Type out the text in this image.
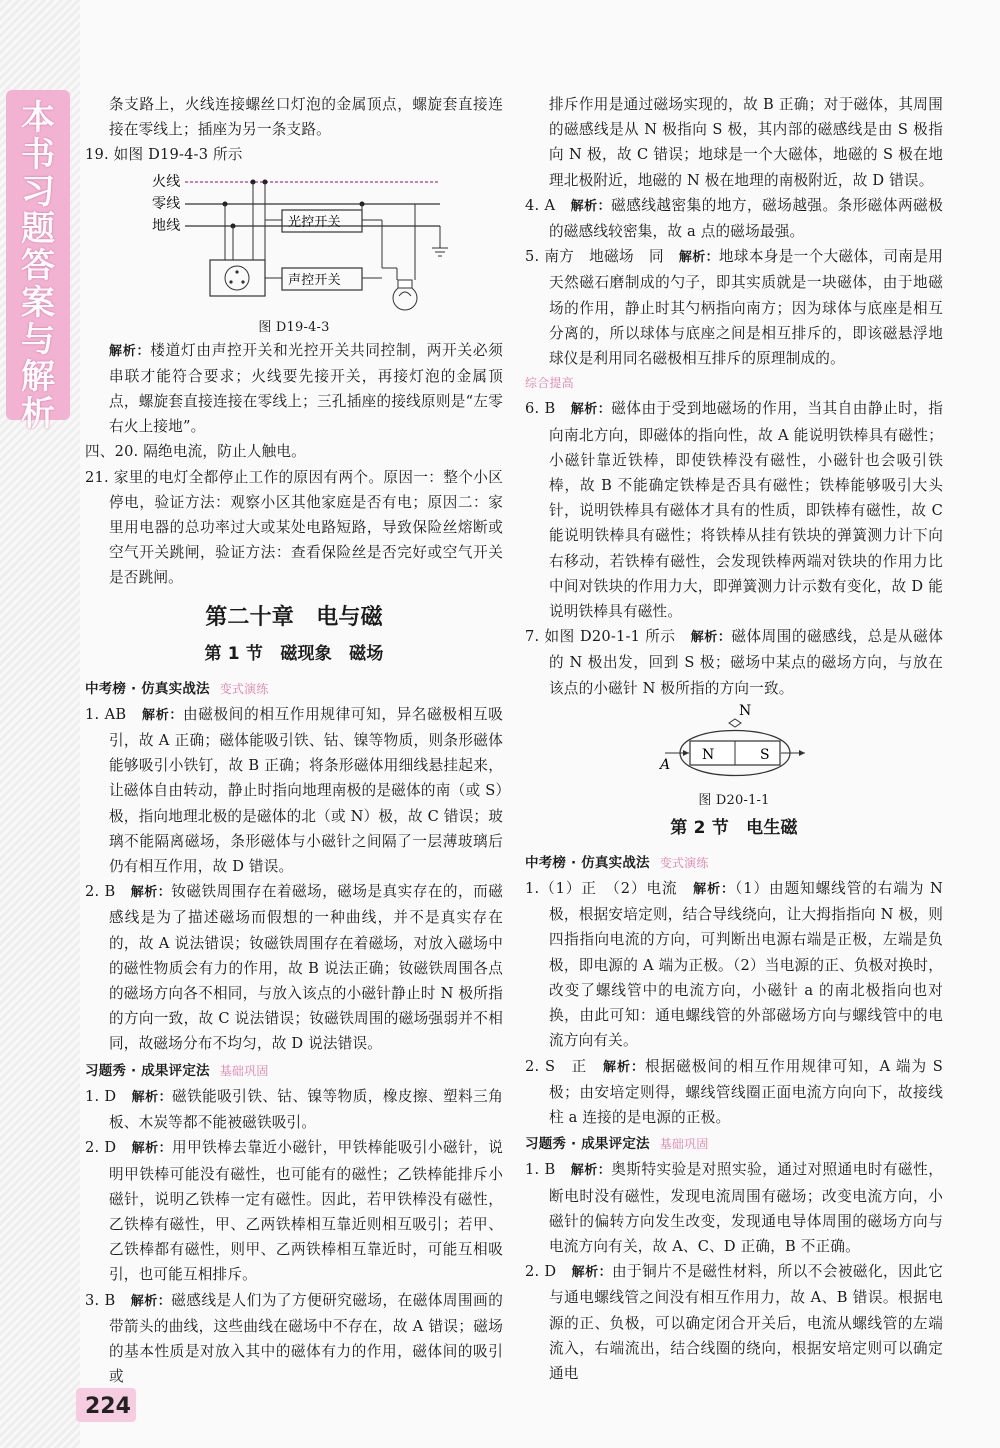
本
书
习
题
答
案
与
解
析

条支路上，火线连接螺丝口灯泡的金属顶点，螺旋套直接连接在零线上；插座为另一条支路。

19. 如图 D19-4-3 所示

火线
零线
地线	光控开关
声控开关

图 D19-4-3

解析：楼道灯由声控开关和光控开关共同控制，两开关必须串联才能符合要求；火线要先接开关，再接灯泡的金属顶点，螺旋套直接连接在零线上；三孔插座的接线原则是“左零右火上接地”。

四、20. 隔绝电流，防止人触电。

21. 家里的电灯全都停止工作的原因有两个。原因一：整个小区停电，验证方法：观察小区其他家庭是否有电；原因二：家里用电器的总功率过大或某处电路短路，导致保险丝熔断或空气开关跳闸，验证方法：查看保险丝是否完好或空气开关是否跳闸。

第二十章　电与磁
第 1 节　磁现象　磁场
中考榜 · 仿真实战法 变式演练

1. AB　 解析：由磁极间的相互作用规律可知，异名磁极相互吸引，故 A 正确；磁体能吸引铁、钴、镍等物质，则条形磁体能够吸引小铁钉，故 B 正确；将条形磁体用细线悬挂起来，让磁体自由转动，静止时指向地理南极的是磁体的南（或 S）极，指向地理北极的是磁体的北（或 N）极，故 C 错误；玻璃不能隔离磁场，条形磁体与小磁针之间隔了一层薄玻璃后仍有相互作用，故 D 错误。

2. B　 解析：钕磁铁周围存在着磁场，磁场是真实存在的，而磁感线是为了描述磁场而假想的一种曲线，并不是真实存在的，故 A 说法错误；钕磁铁周围存在着磁场，对放入磁场中的磁性物质会有力的作用，故 B 说法正确；钕磁铁周围各点的磁场方向各不相同，与放入该点的小磁针静止时 N 极所指的方向一致，故 C 说法错误；钕磁铁周围的磁场强弱并不相同，故磁场分布不均匀，故 D 说法错误。

习题秀 · 成果评定法 基础巩固

1. D　 解析：磁铁能吸引铁、钴、镍等物质，橡皮擦、塑料三角板、木炭等都不能被磁铁吸引。

2. D　 解析：用甲铁棒去靠近小磁针，甲铁棒能吸引小磁针，说明甲铁棒可能没有磁性，也可能有的磁性；乙铁棒能排斥小磁针，说明乙铁棒一定有磁性。因此，若甲铁棒没有磁性，乙铁棒有磁性，甲、乙两铁棒相互靠近则相互吸引；若甲、乙铁棒都有磁性，则甲、乙两铁棒相互靠近时，可能互相吸引，也可能互相排斥。

3. B　 解析：磁感线是人们为了方便研究磁场，在磁体周围画的带箭头的曲线，这些曲线在磁场中不存在，故 A 错误；磁场的基本性质是对放入其中的磁体有力的作用，磁体间的吸引或

排斥作用是通过磁场实现的，故 B 正确；对于磁体，其周围的磁感线是从 N 极指向 S 极，其内部的磁感线是由 S 极指向 N 极，故 C 错误；地球是一个大磁体，地磁的 S 极在地理北极附近，地磁的 N 极在地理的南极附近，故 D 错误。

4. A　 解析：磁感线越密集的地方，磁场越强。条形磁体两磁极的磁感线较密集，故 a 点的磁场最强。

5. 南方　地磁场　同　 解析：地球本身是一个大磁体，司南是用天然磁石磨制成的勺子，即其实质就是一块磁体，由于地磁场的作用，静止时其勺柄指向南方；因为球体与底座是相互分离的，所以球体与底座之间是相互排斥的，即该磁悬浮地球仪是利用同名磁极相互排斥的原理制成的。

综合提高

6. B　 解析：磁体由于受到地磁场的作用，当其自由静止时，指向南北方向，即磁体的指向性，故 A 能说明铁棒具有磁性；小磁针靠近铁棒，即使铁棒没有磁性，小磁针也会吸引铁棒，故 B 不能确定铁棒是否具有磁性；铁棒能够吸引大头针，说明铁棒具有磁体才具有的性质，即铁棒有磁性，故 C 能说明铁棒具有磁性；将铁棒从挂有铁块的弹簧测力计下向右移动，若铁棒有磁性，会发现铁棒两端对铁块的作用力比中间对铁块的作用力大，即弹簧测力计示数有变化，故 D 能说明铁棒具有磁性。

7. 如图 D20-1-1 所示　 解析：磁体周围的磁感线，总是从磁体的 N 极出发，回到 S 极；磁场中某点的磁场方向，与放在该点的小磁针 N 极所指的方向一致。

N
N	S
A

图 D20-1-1

第 2 节　电生磁
中考榜 · 仿真实战法 变式演练

1.（1）正　（2）电流　 解析：（1）由题知螺线管的右端为 N 极，根据安培定则，结合导线绕向，让大拇指指向 N 极，则四指指向电流的方向，可判断出电源右端是正极，左端是负极，即电源的 A 端为正极。（2）当电源的正、负极对换时，改变了螺线管中的电流方向，小磁针 a 的南北极指向也对换，由此可知：通电螺线管的外部磁场方向与螺线管中的电流方向有关。

2. S　正　 解析：根据磁极间的相互作用规律可知，A 端为 S 极；由安培定则得，螺线管线圈正面电流方向向下，故接线柱 a 连接的是电源的正极。

习题秀 · 成果评定法 基础巩固

1. B　 解析：奥斯特实验是对照实验，通过对照通电时有磁性，断电时没有磁性，发现电流周围有磁场；改变电流方向，小磁针的偏转方向发生改变，发现通电导体周围的磁场方向与电流方向有关，故 A、C、D 正确，B 不正确。

2. D　 解析：由于铜片不是磁性材料，所以不会被磁化，因此它与通电螺线管之间没有相互作用力，故 A、B 错误。根据电源的正、负极，可以确定闭合开关后，电流从螺线管的左端流入，右端流出，结合线圈的绕向，根据安培定则可以确定通电

224
